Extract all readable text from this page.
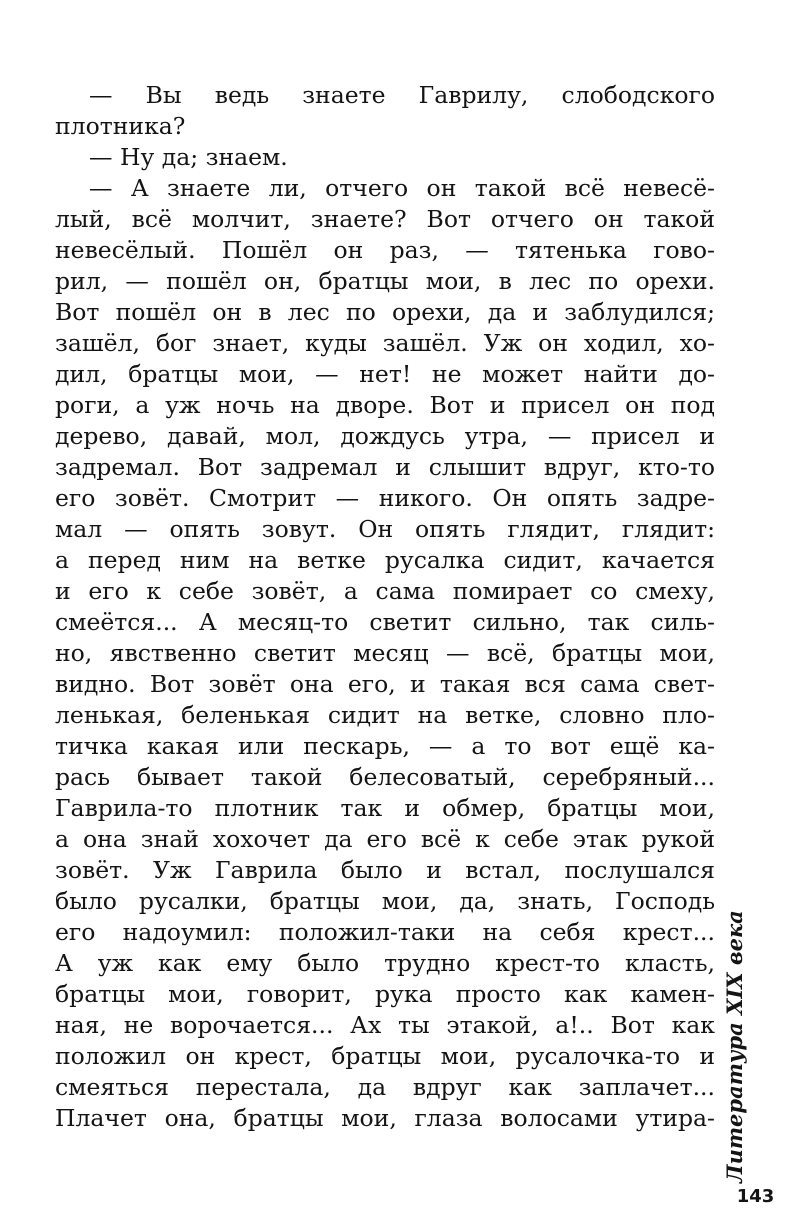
— Вы ведь знаете Гаврилу, слободского
плотника?
— Ну да; знаем.
— А знаете ли, отчего он такой всё невесё-
лый, всё молчит, знаете? Вот отчего он такой
невесёлый. Пошёл он раз, — тятенька гово-
рил, — пошёл он, братцы мои, в лес по орехи.
Вот пошёл он в лес по орехи, да и заблудился;
зашёл, бог знает, куды зашёл. Уж он ходил, хо-
дил, братцы мои, — нет! не может найти до-
роги, а уж ночь на дворе. Вот и присел он под
дерево, давай, мол, дождусь утра, — присел и
задремал. Вот задремал и слышит вдруг, кто-то
его зовёт. Смотрит — никого. Он опять задре-
мал — опять зовут. Он опять глядит, глядит:
а перед ним на ветке русалка сидит, качается
и его к себе зовёт, а сама помирает со смеху,
смеётся... А месяц-то светит сильно, так силь-
но, явственно светит месяц — всё, братцы мои,
видно. Вот зовёт она его, и такая вся сама свет-
ленькая, беленькая сидит на ветке, словно пло-
тичка какая или пескарь, — а то вот ещё ка-
рась бывает такой белесоватый, серебряный...
Гаврила-то плотник так и обмер, братцы мои,
а она знай хохочет да его всё к себе этак рукой
зовёт. Уж Гаврила было и встал, послушался
было русалки, братцы мои, да, знать, Господь
его надоумил: положил-таки на себя крест...
А уж как ему было трудно крест-то класть,
братцы мои, говорит, рука просто как камен-
ная, не ворочается... Ах ты этакой, а!.. Вот как
положил он крест, братцы мои, русалочка-то и
смеяться перестала, да вдруг как заплачет...
Плачет она, братцы мои, глаза волосами утира- Литература XIX века
143
